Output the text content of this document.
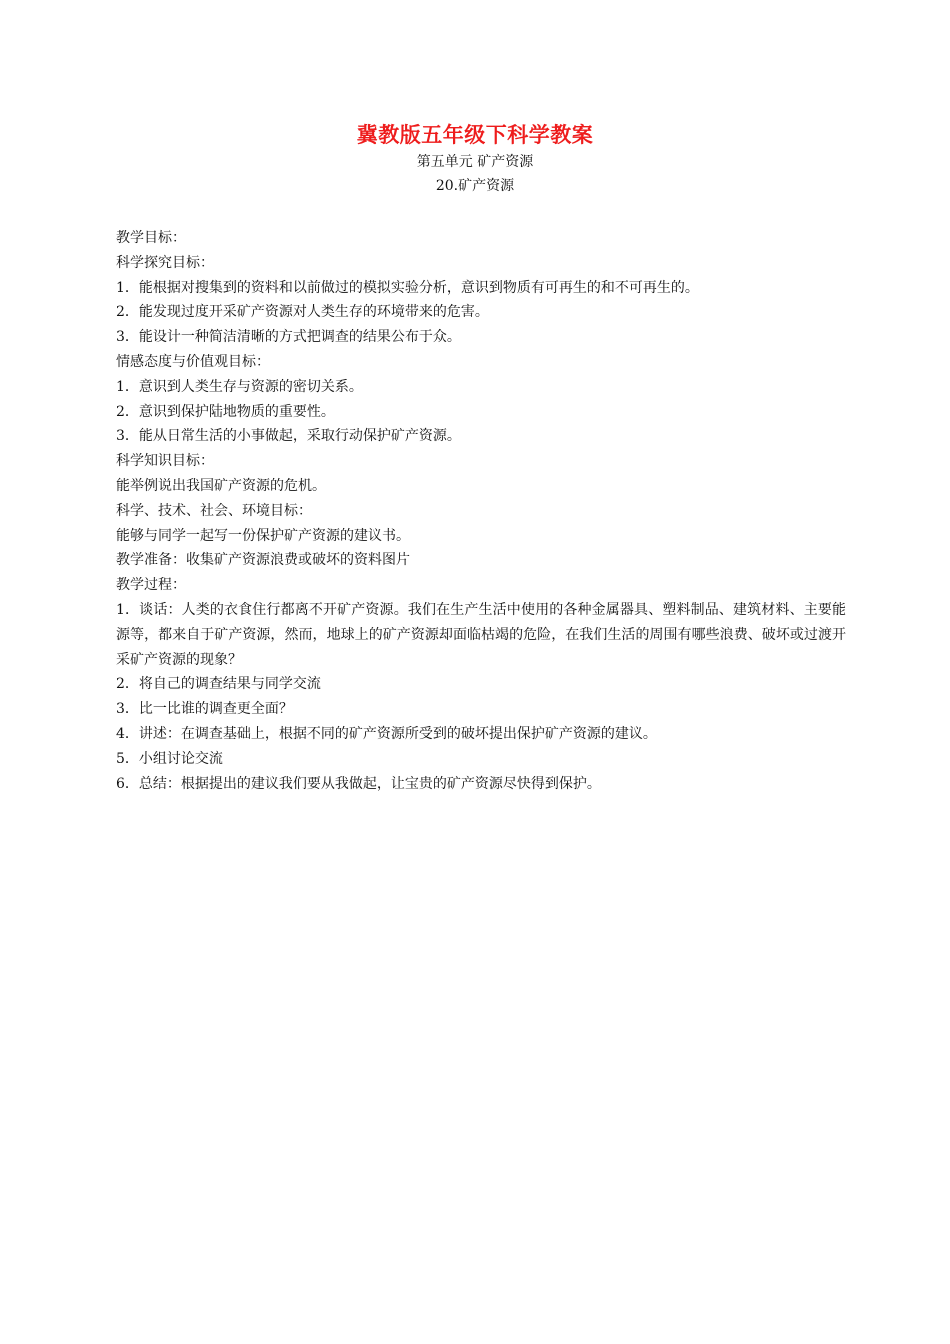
冀教版五年级下科学教案
第五单元 矿产资源
20.矿产资源
教学目标：
科学探究目标：
1．能根据对搜集到的资料和以前做过的模拟实验分析，意识到物质有可再生的和不可再生的。
2．能发现过度开采矿产资源对人类生存的环境带来的危害。
3．能设计一种简洁清晰的方式把调查的结果公布于众。
情感态度与价值观目标：
1．意识到人类生存与资源的密切关系。
2．意识到保护陆地物质的重要性。
3．能从日常生活的小事做起，采取行动保护矿产资源。
科学知识目标：
能举例说出我国矿产资源的危机。
科学、技术、社会、环境目标：
能够与同学一起写一份保护矿产资源的建议书。
教学准备：收集矿产资源浪费或破坏的资料图片
教学过程：
1．谈话：人类的衣食住行都离不开矿产资源。我们在生产生活中使用的各种金属器具、塑料制品、建筑材料、主要能源等，都来自于矿产资源，然而，地球上的矿产资源却面临枯竭的危险，在我们生活的周围有哪些浪费、破坏或过渡开采矿产资源的现象？
2．将自己的调查结果与同学交流
3．比一比谁的调查更全面？
4．讲述：在调查基础上，根据不同的矿产资源所受到的破坏提出保护矿产资源的建议。
5．小组讨论交流
6．总结：根据提出的建议我们要从我做起，让宝贵的矿产资源尽快得到保护。
